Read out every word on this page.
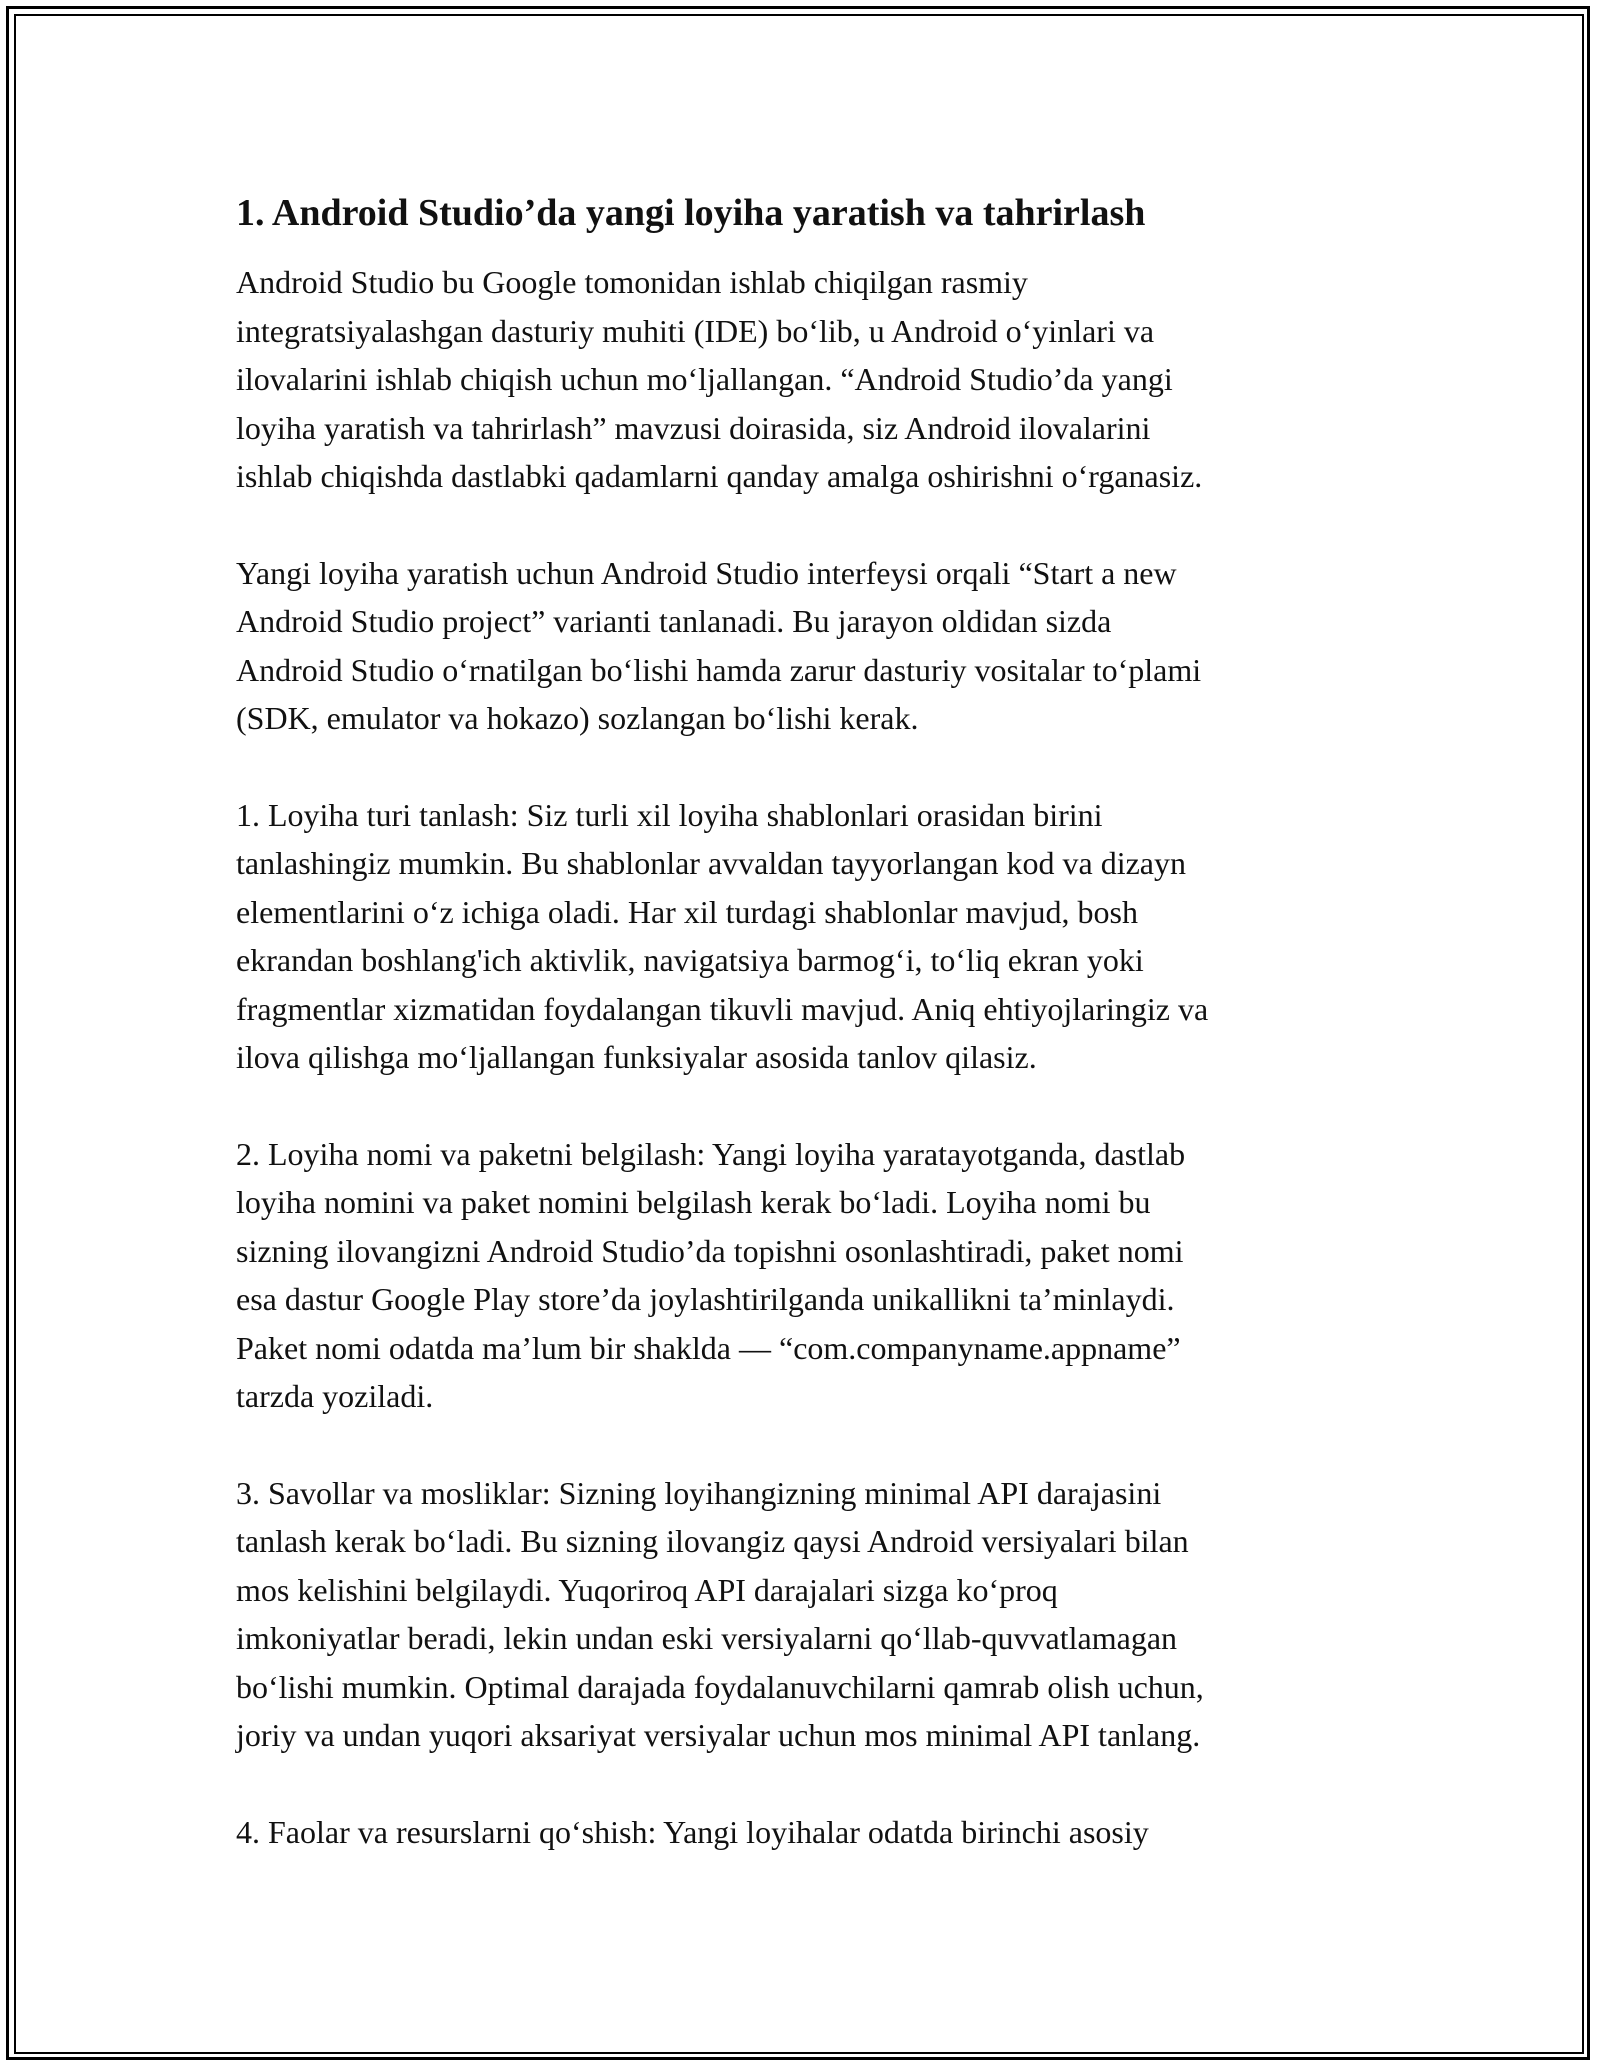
1. Android Studio’da yangi loyiha yaratish va tahrirlash

Android Studio bu Google tomonidan ishlab chiqilgan rasmiy
integratsiyalashgan dasturiy muhiti (IDE) bo‘lib, u Android o‘yinlari va
ilovalarini ishlab chiqish uchun mo‘ljallangan. “Android Studio’da yangi
loyiha yaratish va tahrirlash” mavzusi doirasida, siz Android ilovalarini
ishlab chiqishda dastlabki qadamlarni qanday amalga oshirishni o‘rganasiz.

Yangi loyiha yaratish uchun Android Studio interfeysi orqali “Start a new
Android Studio project” varianti tanlanadi. Bu jarayon oldidan sizda
Android Studio o‘rnatilgan bo‘lishi hamda zarur dasturiy vositalar to‘plami
(SDK, emulator va hokazo) sozlangan bo‘lishi kerak.

1. Loyiha turi tanlash: Siz turli xil loyiha shablonlari orasidan birini
tanlashingiz mumkin. Bu shablonlar avvaldan tayyorlangan kod va dizayn
elementlarini o‘z ichiga oladi. Har xil turdagi shablonlar mavjud, bosh
ekrandan boshlang'ich aktivlik, navigatsiya barmog‘i, to‘liq ekran yoki
fragmentlar xizmatidan foydalangan tikuvli mavjud. Aniq ehtiyojlaringiz va
ilova qilishga mo‘ljallangan funksiyalar asosida tanlov qilasiz.

2. Loyiha nomi va paketni belgilash: Yangi loyiha yaratayotganda, dastlab
loyiha nomini va paket nomini belgilash kerak bo‘ladi. Loyiha nomi bu
sizning ilovangizni Android Studio’da topishni osonlashtiradi, paket nomi
esa dastur Google Play store’da joylashtirilganda unikallikni ta’minlaydi.
Paket nomi odatda ma’lum bir shakldа — “com.companyname.appname”
tarzda yoziladi.

3. Savollar va mosliklar: Sizning loyihangizning minimal API darajasini
tanlash kerak bo‘ladi. Bu sizning ilovangiz qaysi Android versiyalari bilan
mos kelishini belgilaydi. Yuqoriroq API darajalari sizga ko‘proq
imkoniyatlar beradi, lekin undan eski versiyalarni qo‘llab-quvvatlamagan
bo‘lishi mumkin. Optimal darajada foydalanuvchilarni qamrab olish uchun,
joriy va undan yuqori aksariyat versiyalar uchun mos minimal API tanlang.

4. Faolar va resurslarni qo‘shish: Yangi loyihalar odatda birinchi asosiy
